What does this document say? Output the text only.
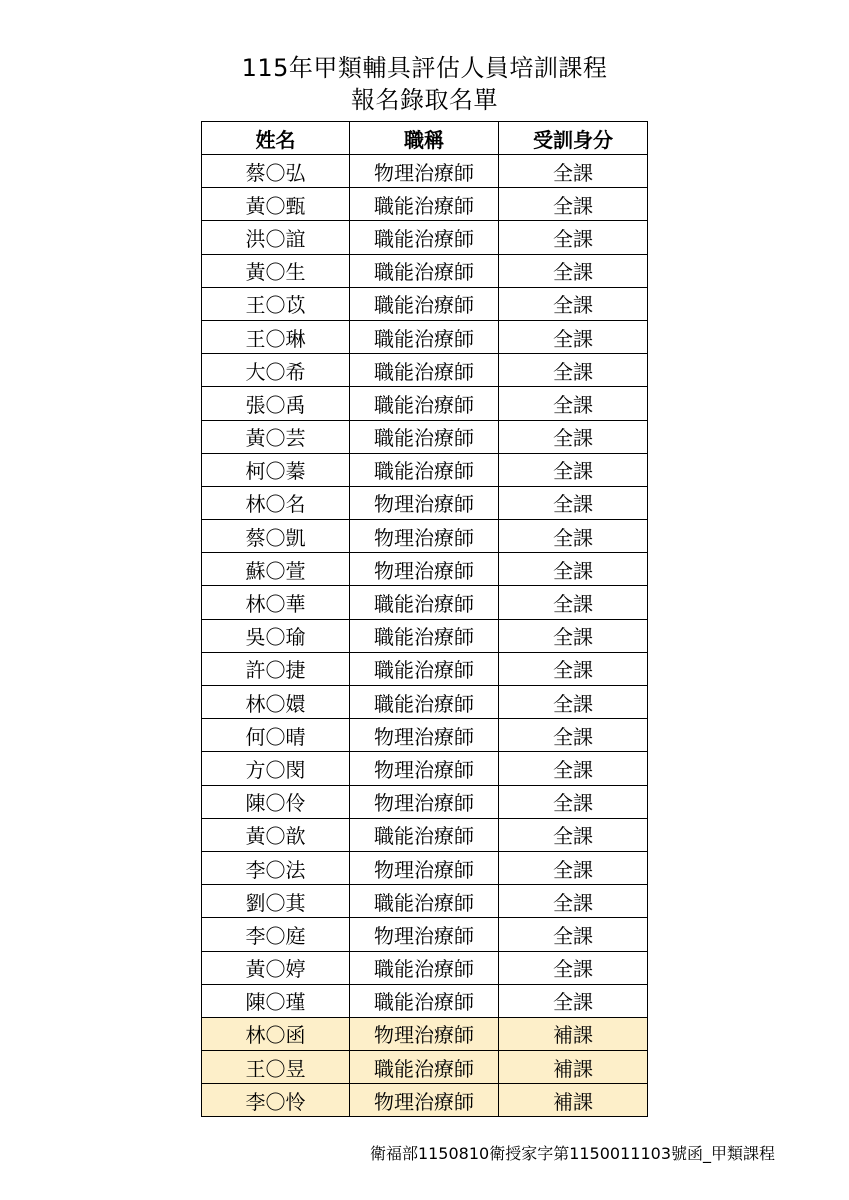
115年甲類輔具評估人員培訓課程
報名錄取名單
姓名	職稱	受訓身分
蔡〇弘	物理治療師	全課
黃〇甄	職能治療師	全課
洪〇誼	職能治療師	全課
黃〇生	職能治療師	全課
王〇苡	職能治療師	全課
王〇琳	職能治療師	全課
大〇希	職能治療師	全課
張〇禹	職能治療師	全課
黃〇芸	職能治療師	全課
柯〇蓁	職能治療師	全課
林〇名	物理治療師	全課
蔡〇凱	物理治療師	全課
蘇〇萱	物理治療師	全課
林〇華	職能治療師	全課
吳〇瑜	職能治療師	全課
許〇捷	職能治療師	全課
林〇嬛	職能治療師	全課
何〇晴	物理治療師	全課
方〇閔	物理治療師	全課
陳〇伶	物理治療師	全課
黃〇歆	職能治療師	全課
李〇法	物理治療師	全課
劉〇萁	職能治療師	全課
李〇庭	物理治療師	全課
黃〇婷	職能治療師	全課
陳〇瑾	職能治療師	全課
林〇函	物理治療師	補課
王〇昱	職能治療師	補課
李〇怜	物理治療師	補課
衛福部1150810衛授家字第1150011103號函_甲類課程
